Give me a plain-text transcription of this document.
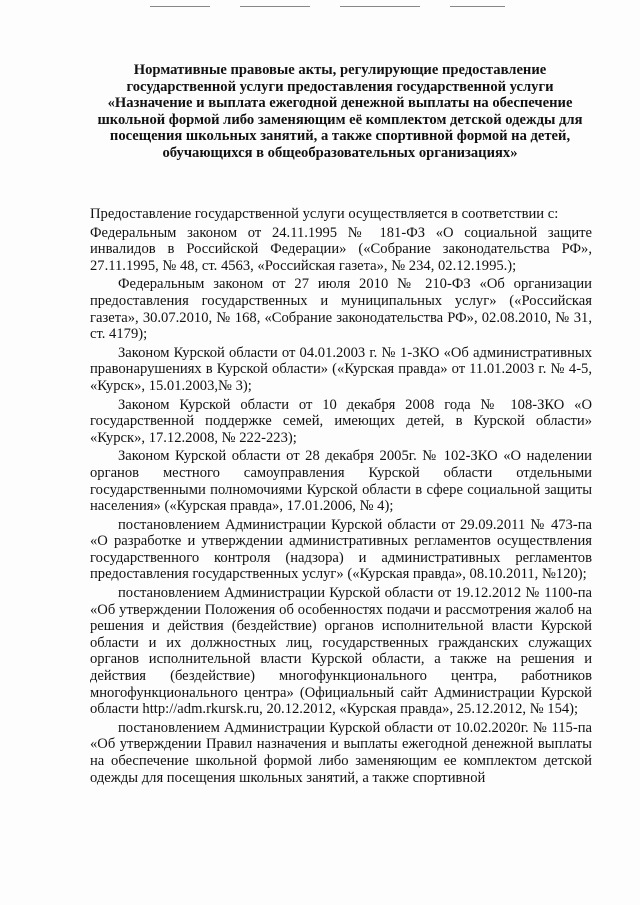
Нормативные правовые акты, регулирующие предоставление государственной услуги предоставления государственной услуги «Назначение и выплата ежегодной денежной выплаты на обеспечение школьной формой либо заменяющим её комплектом детской одежды для посещения школьных занятий, а также спортивной формой на детей, обучающихся в общеобразовательных организациях»

Предоставление государственной услуги осуществляется в соответствии с:

Федеральным законом от 24.11.1995 № 181-ФЗ «О социальной защите инвалидов в Российской Федерации» («Собрание законодательства РФ», 27.11.1995, № 48, ст. 4563, «Российская газета», № 234, 02.12.1995.);

Федеральным законом от 27 июля 2010 № 210-ФЗ «Об организации предоставления государственных и муниципальных услуг» («Российская газета», 30.07.2010, № 168, «Собрание законодательства РФ», 02.08.2010, № 31, ст. 4179);

Законом Курской области от 04.01.2003 г. № 1-ЗКО «Об административных правонарушениях в Курской области» («Курская правда» от 11.01.2003 г. № 4-5, «Курск», 15.01.2003,№ 3);

Законом Курской области от 10 декабря 2008 года № 108-ЗКО «О государственной поддержке семей, имеющих детей, в Курской области» «Курск», 17.12.2008, № 222-223);

Законом Курской области от 28 декабря 2005г. № 102-ЗКО «О наделении органов местного самоуправления Курской области отдельными государственными полномочиями Курской области в сфере социальной защиты населения» («Курская правда», 17.01.2006, № 4);

постановлением Администрации Курской области от 29.09.2011 № 473-па «О разработке и утверждении административных регламентов осуществления государственного контроля (надзора) и административных регламентов предоставления государственных услуг» («Курская правда», 08.10.2011, №120);

постановлением Администрации Курской области от 19.12.2012 № 1100-па «Об утверждении Положения об особенностях подачи и рассмотрения жалоб на решения и действия (бездействие) органов исполнительной власти Курской области и их должностных лиц, государственных гражданских служащих органов исполнительной власти Курской области, а также на решения и действия (бездействие) многофункционального центра, работников многофункционального центра» (Официальный сайт Администрации Курской области http://adm.rkursk.ru, 20.12.2012, «Курская правда», 25.12.2012, № 154);

постановлением Администрации Курской области от 10.02.2020г. № 115-па «Об утверждении Правил назначения и выплаты ежегодной денежной выплаты на обеспечение школьной формой либо заменяющим ее комплектом детской одежды для посещения школьных занятий, а также спортивной
